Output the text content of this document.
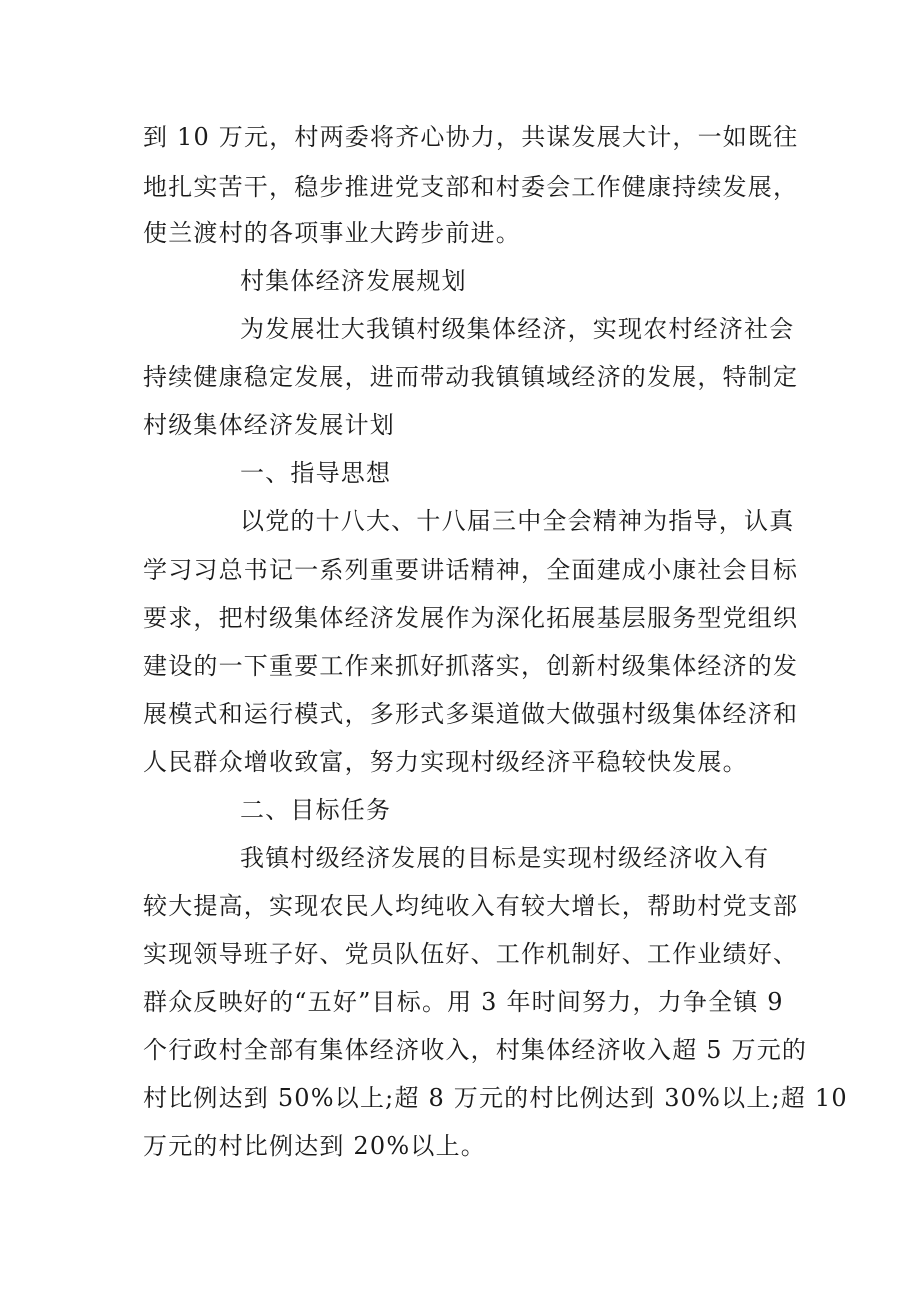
到 10 万元，村两委将齐心协力，共谋发展大计，一如既往
地扎实苦干，稳步推进党支部和村委会工作健康持续发展，
使兰渡村的各项事业大跨步前进。
村集体经济发展规划
为发展壮大我镇村级集体经济，实现农村经济社会
持续健康稳定发展，进而带动我镇镇域经济的发展，特制定
村级集体经济发展计划
一、指导思想
以党的十八大、十八届三中全会精神为指导，认真
学习习总书记一系列重要讲话精神，全面建成小康社会目标
要求，把村级集体经济发展作为深化拓展基层服务型党组织
建设的一下重要工作来抓好抓落实，创新村级集体经济的发
展模式和运行模式，多形式多渠道做大做强村级集体经济和
人民群众增收致富，努力实现村级经济平稳较快发展。
二、目标任务
我镇村级经济发展的目标是实现村级经济收入有
较大提高，实现农民人均纯收入有较大增长，帮助村党支部
实现领导班子好、党员队伍好、工作机制好、工作业绩好、
群众反映好的“五好”目标。用 3 年时间努力，力争全镇 9
个行政村全部有集体经济收入，村集体经济收入超 5 万元的
村比例达到 50%以上;超 8 万元的村比例达到 30%以上;超 10
万元的村比例达到 20%以上。
